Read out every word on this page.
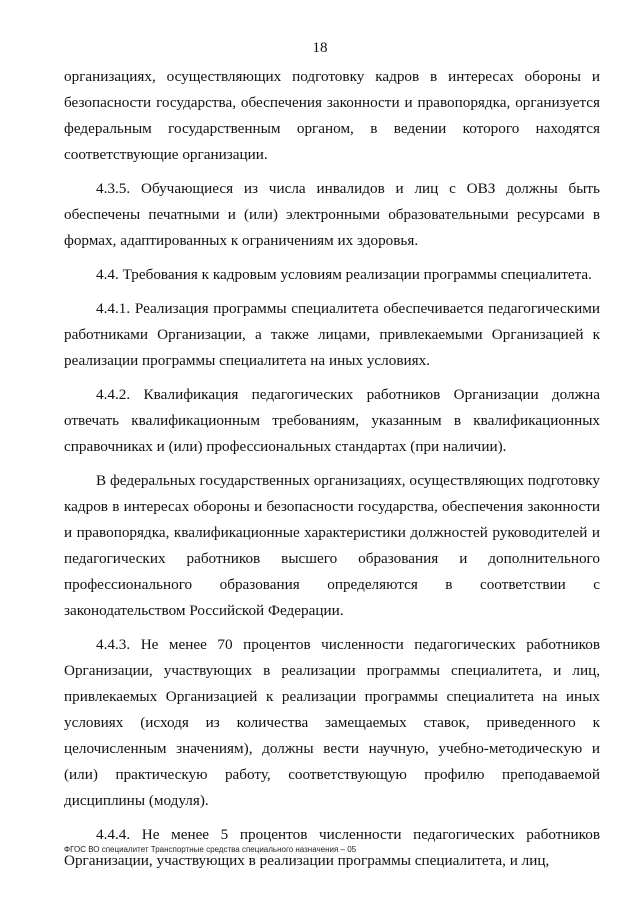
18

организациях, осуществляющих подготовку кадров в интересах обороны и безопасности государства, обеспечения законности и правопорядка, организуется федеральным государственным органом, в ведении которого находятся соответствующие организации.

4.3.5. Обучающиеся из числа инвалидов и лиц с ОВЗ должны быть обеспечены печатными и (или) электронными образовательными ресурсами в формах, адаптированных к ограничениям их здоровья.

4.4. Требования к кадровым условиям реализации программы специалитета.

4.4.1. Реализация программы специалитета обеспечивается педагогическими работниками Организации, а также лицами, привлекаемыми Организацией к реализации программы специалитета на иных условиях.

4.4.2. Квалификация педагогических работников Организации должна отвечать квалификационным требованиям, указанным в квалификационных справочниках и (или) профессиональных стандартах (при наличии).

В федеральных государственных организациях, осуществляющих подготовку кадров в интересах обороны и безопасности государства, обеспечения законности и правопорядка, квалификационные характеристики должностей руководителей и педагогических работников высшего образования и дополнительного профессионального образования определяются в соответствии с законодательством Российской Федерации.

4.4.3. Не менее 70 процентов численности педагогических работников Организации, участвующих в реализации программы специалитета, и лиц, привлекаемых Организацией к реализации программы специалитета на иных условиях (исходя из количества замещаемых ставок, приведенного к целочисленным значениям), должны вести научную, учебно-методическую и (или) практическую работу, соответствующую профилю преподаваемой дисциплины (модуля).

4.4.4. Не менее 5 процентов численности педагогических работников Организации, участвующих в реализации программы специалитета, и лиц,

ФГОС ВО специалитет Транспортные средства специального назначения – 05
